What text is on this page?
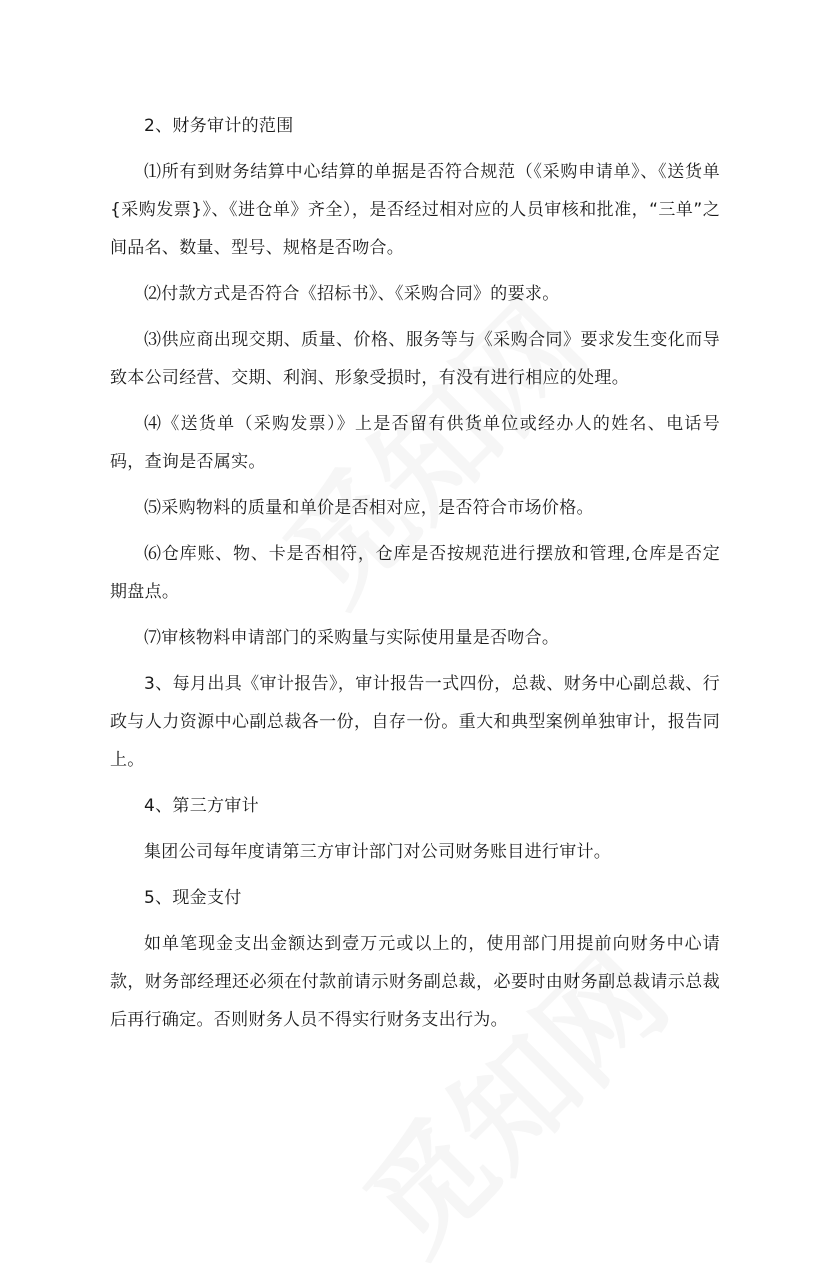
2、财务审计的范围

⑴所有到财务结算中心结算的单据是否符合规范（《采购申请单》、《送货单{采购发票}》、《进仓单》齐全），是否经过相对应的人员审核和批准，“三单”之间品名、数量、型号、规格是否吻合。

⑵付款方式是否符合《招标书》、《采购合同》的要求。

⑶供应商出现交期、质量、价格、服务等与《采购合同》要求发生变化而导致本公司经营、交期、利润、形象受损时，有没有进行相应的处理。

⑷《送货单（采购发票）》上是否留有供货单位或经办人的姓名、电话号码，查询是否属实。

⑸采购物料的质量和单价是否相对应，是否符合市场价格。

⑹仓库账、物、卡是否相符，仓库是否按规范进行摆放和管理,仓库是否定期盘点。

⑺审核物料申请部门的采购量与实际使用量是否吻合。

3、每月出具《审计报告》，审计报告一式四份，总裁、财务中心副总裁、行政与人力资源中心副总裁各一份，自存一份。重大和典型案例单独审计，报告同上。

4、第三方审计

集团公司每年度请第三方审计部门对公司财务账目进行审计。

5、现金支付

如单笔现金支出金额达到壹万元或以上的，使用部门用提前向财务中心请款，财务部经理还必须在付款前请示财务副总裁，必要时由财务副总裁请示总裁后再行确定。否则财务人员不得实行财务支出行为。
